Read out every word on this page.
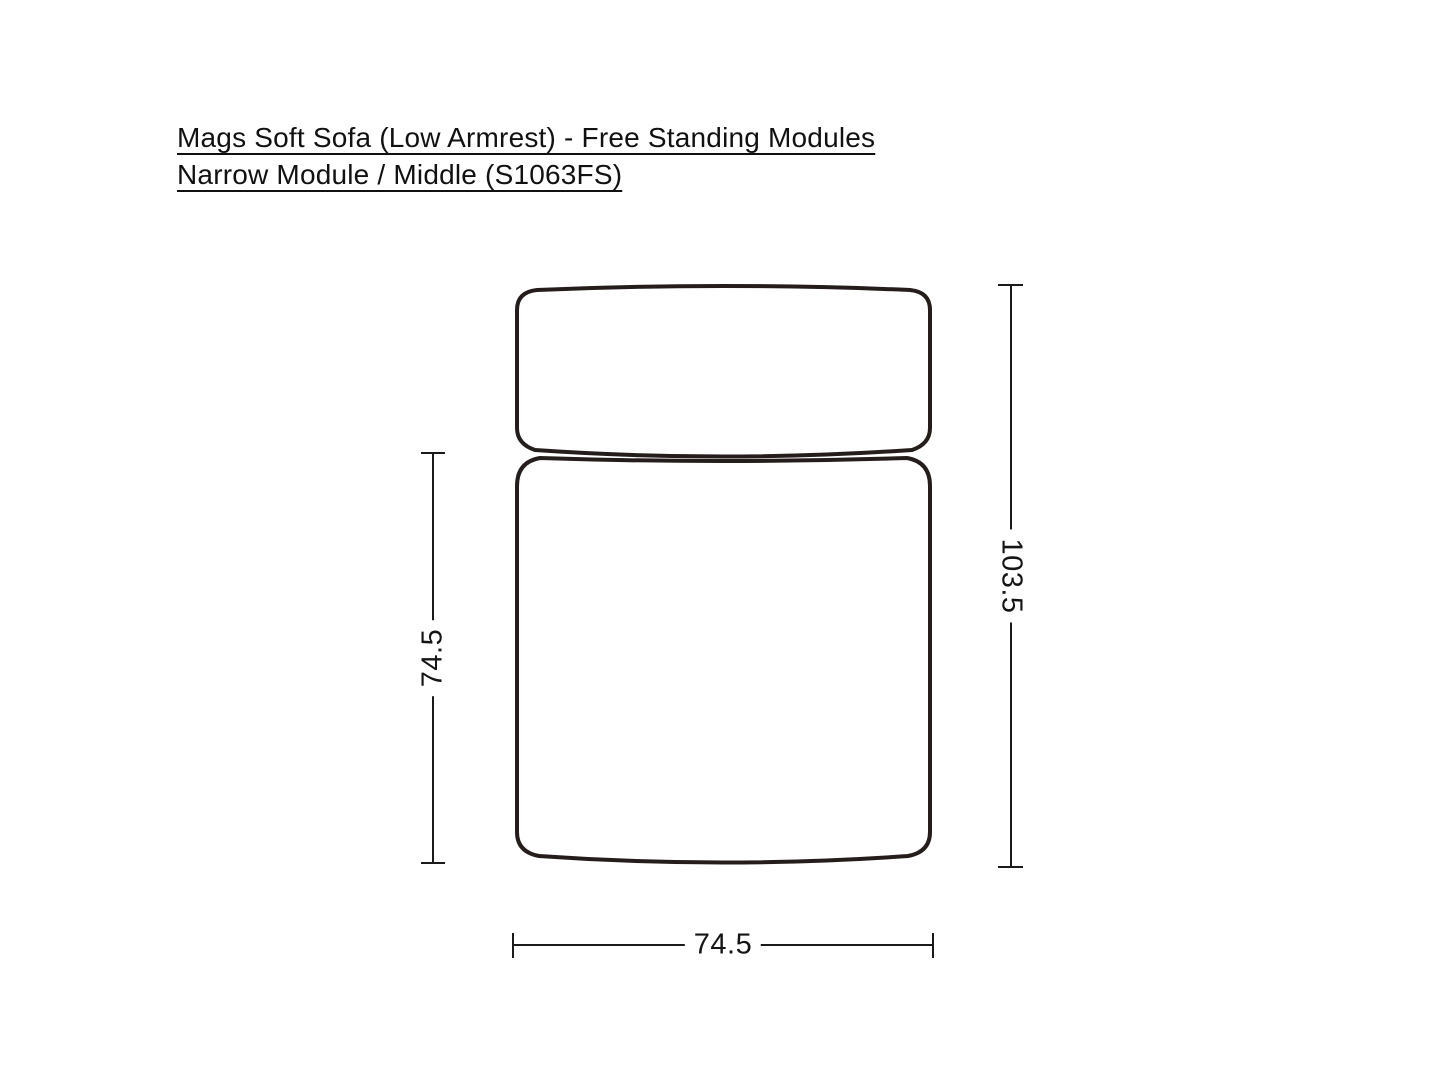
Mags Soft Sofa (Low Armrest) - Free Standing Modules
Narrow Module / Middle (S1063FS)
74.5
103.5
74.5
